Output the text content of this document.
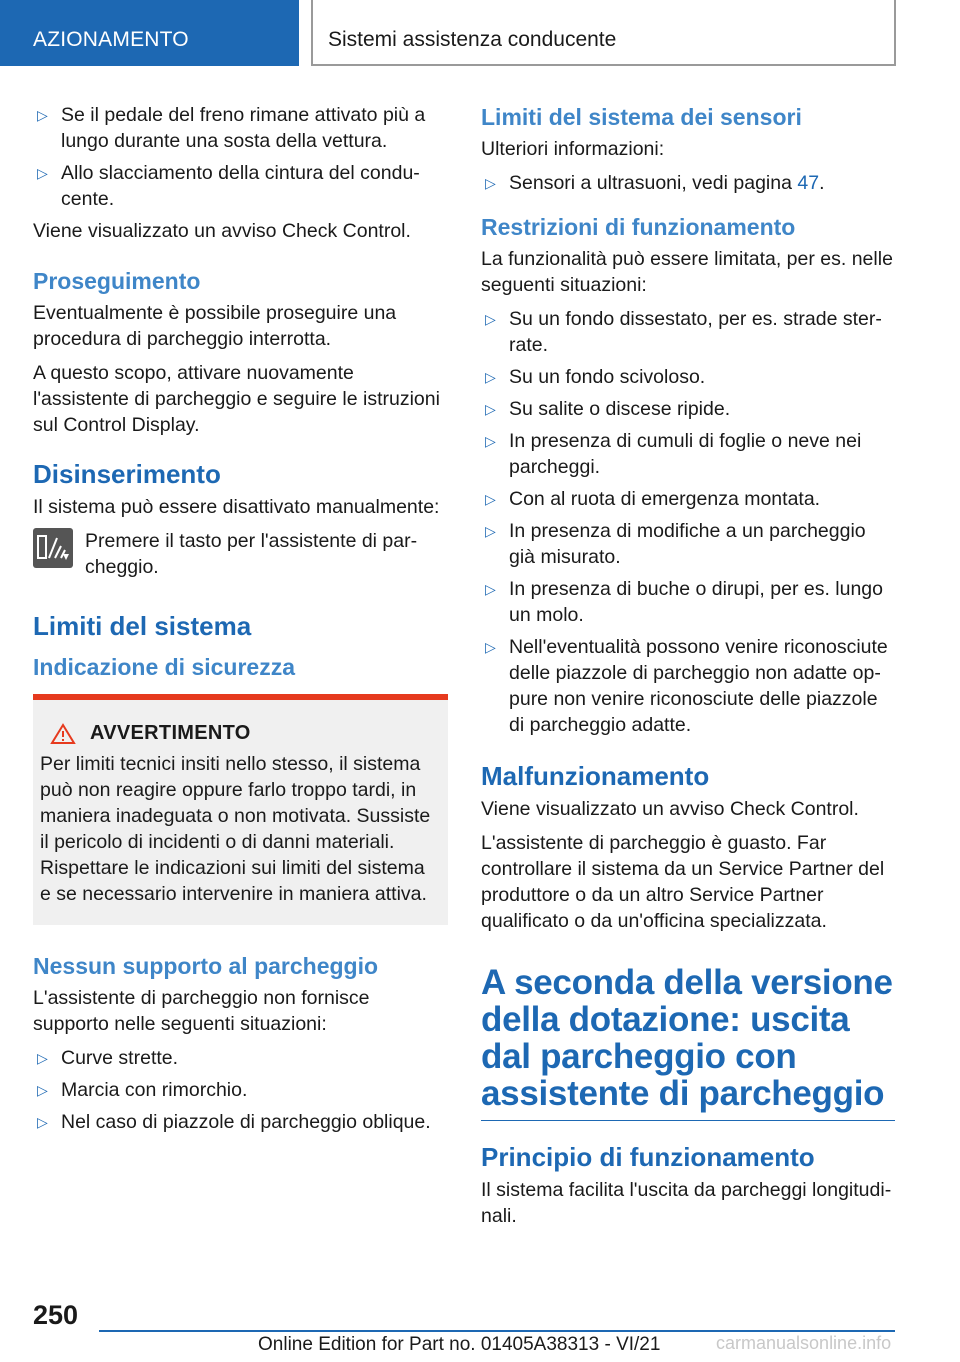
AZIONAMENTO	Sistemi assistenza conducente
▷ Se il pedale del freno rimane attivato più a lungo durante una sosta della vettura.
▷ Allo slacciamento della cintura del conducente.

Viene visualizzato un avviso Check Control.

Proseguimento

Eventualmente è possibile proseguire una procedura di parcheggio interrotta.

A questo scopo, attivare nuovamente l'assistente di parcheggio e seguire le istruzioni sul Control Display.

Disinserimento

Il sistema può essere disattivato manualmente:

Premere il tasto per l'assistente di parcheggio.
Limiti del sistema
Indicazione di sicurezza
AVVERTIMENTO

Per limiti tecnici insiti nello stesso, il sistema può non reagire oppure farlo troppo tardi, in maniera inadeguata o non motivata. Sussiste il pericolo di incidenti o di danni materiali. Rispettare le indicazioni sui limiti del sistema e se necessario intervenire in maniera attiva.

Nessun supporto al parcheggio

L'assistente di parcheggio non fornisce supporto nelle seguenti situazioni:

▷ Curve strette.
▷ Marcia con rimorchio.
▷ Nel caso di piazzole di parcheggio oblique.
Limiti del sistema dei sensori

Ulteriori informazioni:

▷ Sensori a ultrasuoni, vedi pagina 47.
Restrizioni di funzionamento

La funzionalità può essere limitata, per es. nelle seguenti situazioni:

▷ Su un fondo dissestato, per es. strade sterrate.
▷ Su un fondo scivoloso.
▷ Su salite o discese ripide.
▷ In presenza di cumuli di foglie o neve nei parcheggi.
▷ Con al ruota di emergenza montata.
▷ In presenza di modifiche a un parcheggio già misurato.
▷ In presenza di buche o dirupi, per es. lungo un molo.
▷ Nell'eventualità possono venire riconosciute delle piazzole di parcheggio non adatte oppure non venire riconosciute delle piazzole di parcheggio adatte.
Malfunzionamento

Viene visualizzato un avviso Check Control.

L'assistente di parcheggio è guasto. Far controllare il sistema da un Service Partner del produttore o da un altro Service Partner qualificato o da un'officina specializzata.

A seconda della versione della dotazione: uscita dal parcheggio con assistente di parcheggio
Principio di funzionamento

Il sistema facilita l'uscita da parcheggi longitudinali.

250
Online Edition for Part no. 01405A38313 - VI/21	carmanualsonline.info
